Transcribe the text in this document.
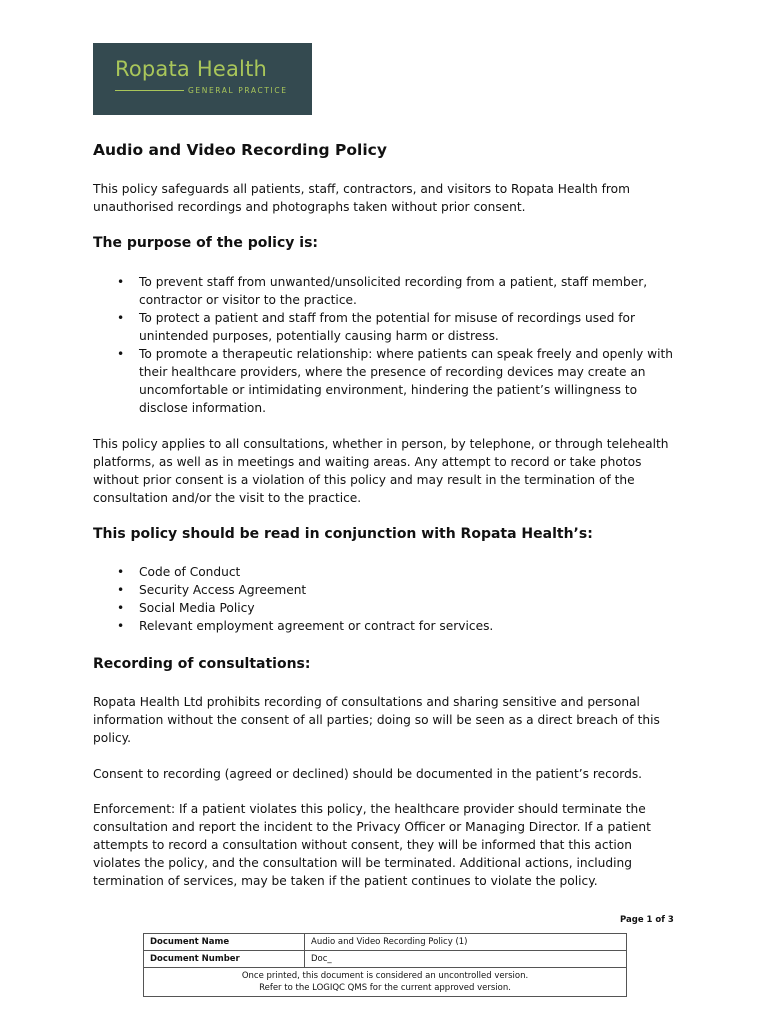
Ropata Health
GENERAL PRACTICE
Audio and Video Recording Policy

This policy safeguards all patients, staff, contractors, and visitors to Ropata Health from unauthorised recordings and photographs taken without prior consent.

The purpose of the policy is:
• To prevent staff from unwanted/unsolicited recording from a patient, staff member, contractor or visitor to the practice.
• To protect a patient and staff from the potential for misuse of recordings used for unintended purposes, potentially causing harm or distress.
• To promote a therapeutic relationship: where patients can speak freely and openly with their healthcare providers, where the presence of recording devices may create an uncomfortable or intimidating environment, hindering the patient’s willingness to disclose information.

This policy applies to all consultations, whether in person, by telephone, or through telehealth platforms, as well as in meetings and waiting areas. Any attempt to record or take photos without prior consent is a violation of this policy and may result in the termination of the consultation and/or the visit to the practice.

This policy should be read in conjunction with Ropata Health’s:
• Code of Conduct
• Security Access Agreement
• Social Media Policy
• Relevant employment agreement or contract for services.
Recording of consultations:

Ropata Health Ltd prohibits recording of consultations and sharing sensitive and personal information without the consent of all parties; doing so will be seen as a direct breach of this policy.

Consent to recording (agreed or declined) should be documented in the patient’s records.

Enforcement: If a patient violates this policy, the healthcare provider should terminate the consultation and report the incident to the Privacy Officer or Managing Director. If a patient attempts to record a consultation without consent, they will be informed that this action violates the policy, and the consultation will be terminated. Additional actions, including termination of services, may be taken if the patient continues to violate the policy.

Page 1 of 3
Document Name	Audio and Video Recording Policy (1)
Document Number	Doc_

Once printed, this document is considered an uncontrolled version.
Refer to the LOGIQC QMS for the current approved version.	
